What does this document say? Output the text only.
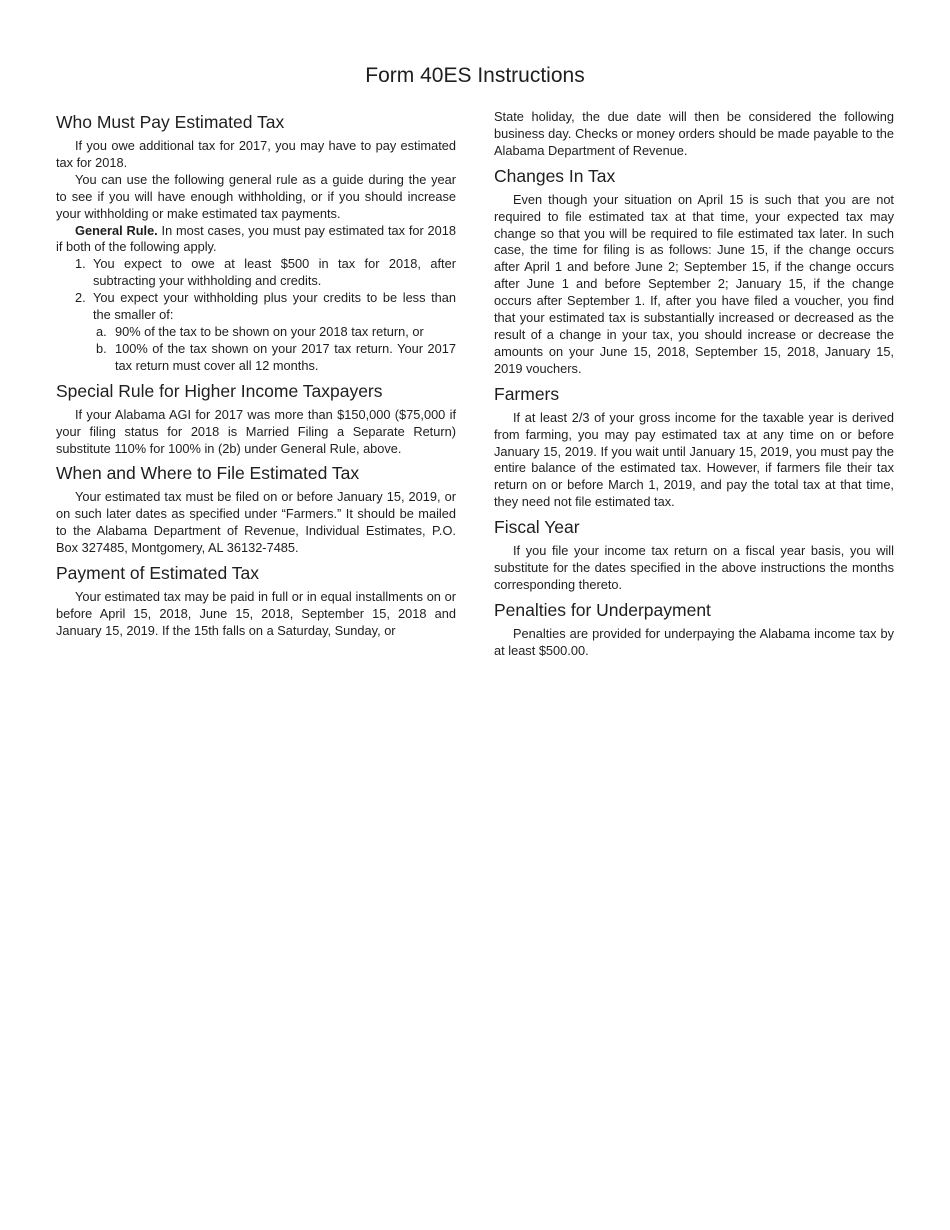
Form 40ES Instructions
Who Must Pay Estimated Tax

If you owe additional tax for 2017, you may have to pay estimated tax for 2018.

You can use the following general rule as a guide during the year to see if you will have enough withholding, or if you should increase your withholding or make estimated tax payments.

General Rule. In most cases, you must pay estimated tax for 2018 if both of the following apply.

1. You expect to owe at least $500 in tax for 2018, after subtracting your withholding and credits.
2. You expect your withholding plus your credits to be less than the smaller of:
a. 90% of the tax to be shown on your 2018 tax return, or
b. 100% of the tax shown on your 2017 tax return. Your 2017 tax return must cover all 12 months.
Special Rule for Higher Income Taxpayers

If your Alabama AGI for 2017 was more than $150,000 ($75,000 if your filing status for 2018 is Married Filing a Separate Return) substitute 110% for 100% in (2b) under General Rule, above.

When and Where to File Estimated Tax

Your estimated tax must be filed on or before January 15, 2019, or on such later dates as specified under “Farmers.” It should be mailed to the Alabama Department of Revenue, Individual Estimates, P.O. Box 327485, Montgomery, AL 36132-7485.

Payment of Estimated Tax

Your estimated tax may be paid in full or in equal installments on or before April 15, 2018, June 15, 2018, September 15, 2018 and January 15, 2019. If the 15th falls on a Saturday, Sunday, or

State holiday, the due date will then be considered the following business day. Checks or money orders should be made payable to the Alabama Department of Revenue.

Changes In Tax

Even though your situation on April 15 is such that you are not required to file estimated tax at that time, your expected tax may change so that you will be required to file estimated tax later. In such case, the time for filing is as follows: June 15, if the change occurs after April 1 and before June 2; September 15, if the change occurs after June 1 and before September 2; January 15, if the change occurs after September 1. If, after you have filed a voucher, you find that your estimated tax is substantially increased or decreased as the result of a change in your tax, you should increase or decrease the amounts on your June 15, 2018, September 15, 2018, January 15, 2019 vouchers.

Farmers

If at least 2/3 of your gross income for the taxable year is derived from farming, you may pay estimated tax at any time on or before January 15, 2019. If you wait until January 15, 2019, you must pay the entire balance of the estimated tax. However, if farmers file their tax return on or before March 1, 2019, and pay the total tax at that time, they need not file estimated tax.

Fiscal Year

If you file your income tax return on a fiscal year basis, you will substitute for the dates specified in the above instructions the months corresponding thereto.

Penalties for Underpayment

Penalties are provided for underpaying the Alabama income tax by at least $500.00.
